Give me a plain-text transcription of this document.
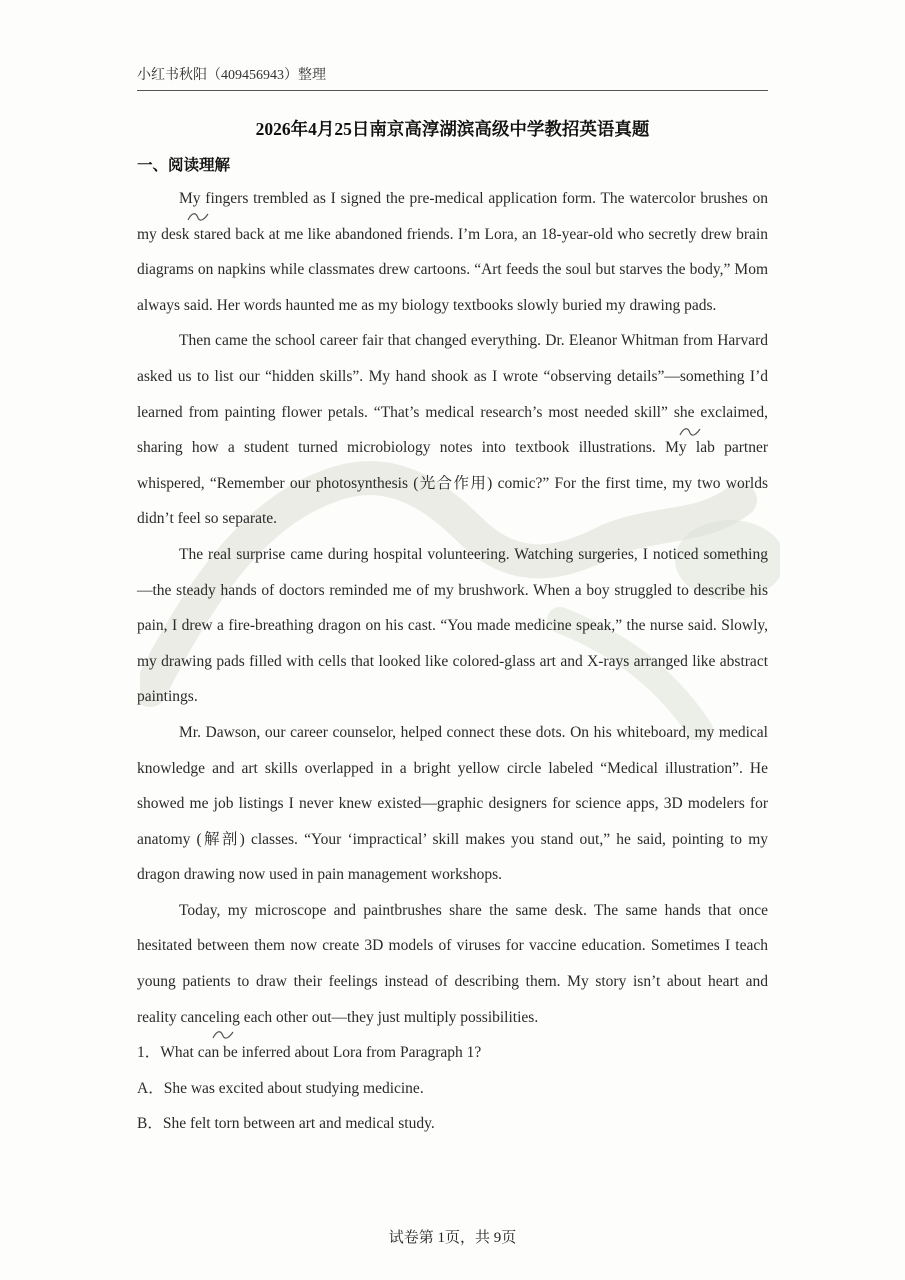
小红书秋阳（409456943）整理
2026年4月25日南京高淳湖滨高级中学教招英语真题
一、阅读理解

My fingers trembled as I signed the pre-medical application form. The watercolor brushes on my desk stared back at me like abandoned friends. I’m Lora, an 18-year-old who secretly drew brain diagrams on napkins while classmates drew cartoons. “Art feeds the soul but starves the body,” Mom always said. Her words haunted me as my biology textbooks slowly buried my drawing pads.

Then came the school career fair that changed everything. Dr. Eleanor Whitman from Harvard asked us to list our “hidden skills”. My hand shook as I wrote “observing details”—something I’d learned from painting flower petals. “That’s medical research’s most needed skill” she exclaimed, sharing how a student turned microbiology notes into textbook illustrations. My lab partner whispered, “Remember our photosynthesis (光合作用) comic?” For the first time, my two worlds didn’t feel so separate.

The real surprise came during hospital volunteering. Watching surgeries, I noticed something—the steady hands of doctors reminded me of my brushwork. When a boy struggled to describe his pain, I drew a fire-breathing dragon on his cast. “You made medicine speak,” the nurse said. Slowly, my drawing pads filled with cells that looked like colored-glass art and X-rays arranged like abstract paintings.

Mr. Dawson, our career counselor, helped connect these dots. On his whiteboard, my medical knowledge and art skills overlapped in a bright yellow circle labeled “Medical illustration”. He showed me job listings I never knew existed—graphic designers for science apps, 3D modelers for anatomy (解剖) classes. “Your ‘impractical’ skill makes you stand out,” he said, pointing to my dragon drawing now used in pain management workshops.

Today, my microscope and paintbrushes share the same desk. The same hands that once hesitated between them now create 3D models of viruses for vaccine education. Sometimes I teach young patients to draw their feelings instead of describing them. My story isn’t about heart and reality canceling each other out—they just multiply possibilities.

1．What can be inferred about Lora from Paragraph 1?

A．She was excited about studying medicine.

B．She felt torn between art and medical study.

试卷第 1页，共 9页
